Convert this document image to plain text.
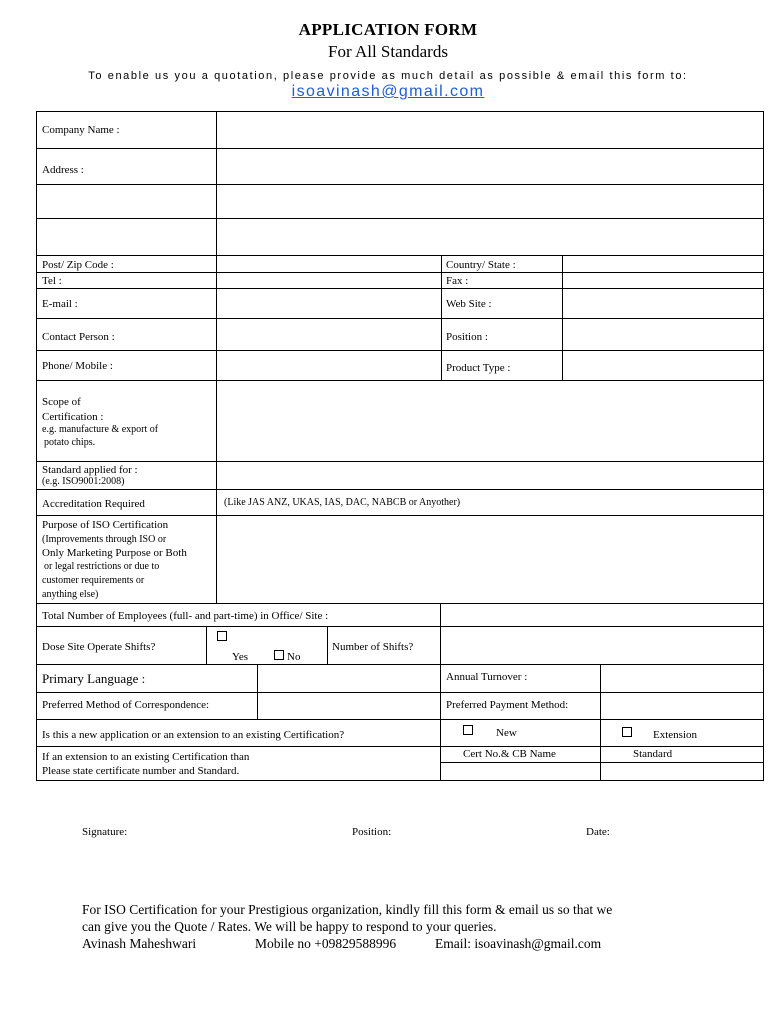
APPLICATION FORM
For All Standards
To enable us you a quotation, please provide as much detail as possible & email this form to:
isoavinash@gmail.com
Company Name :
Address :
Post/ Zip Code :	Country/ State :
Tel :	Fax :
E-mail :	Web Site :
Contact Person :	Position :
Phone/ Mobile :	Product Type :
Scope of
Certification :
e.g. manufacture & export of
potato chips.
Standard applied for :
(e.g. ISO9001:2008)
Accreditation Required	(Like JAS ANZ, UKAS, IAS, DAC, NABCB or Anyother)
Purpose of ISO Certification
(Improvements through ISO or
Only Marketing Purpose or Both
or legal restrictions or due to
customer requirements or
anything else)
Total Number of Employees (full- and part-time) in Office/ Site :
Dose Site Operate Shifts?
Yes	No
Number of Shifts?
Primary Language :	Annual Turnover :
Preferred Method of Correspondence:	Preferred Payment Method:
Is this a new application or an extension to an existing Certification?	New	Extension
If an extension to an existing Certification than
Please state certificate number and Standard.
Cert No.& CB Name	Standard
Signature:	Position:	Date:
For ISO Certification for your Prestigious organization, kindly fill this form & email us so that we
can give you the Quote / Rates. We will be happy to respond to your queries.
Avinash Maheshwari	Mobile no +09829588996	Email: isoavinash@gmail.com
